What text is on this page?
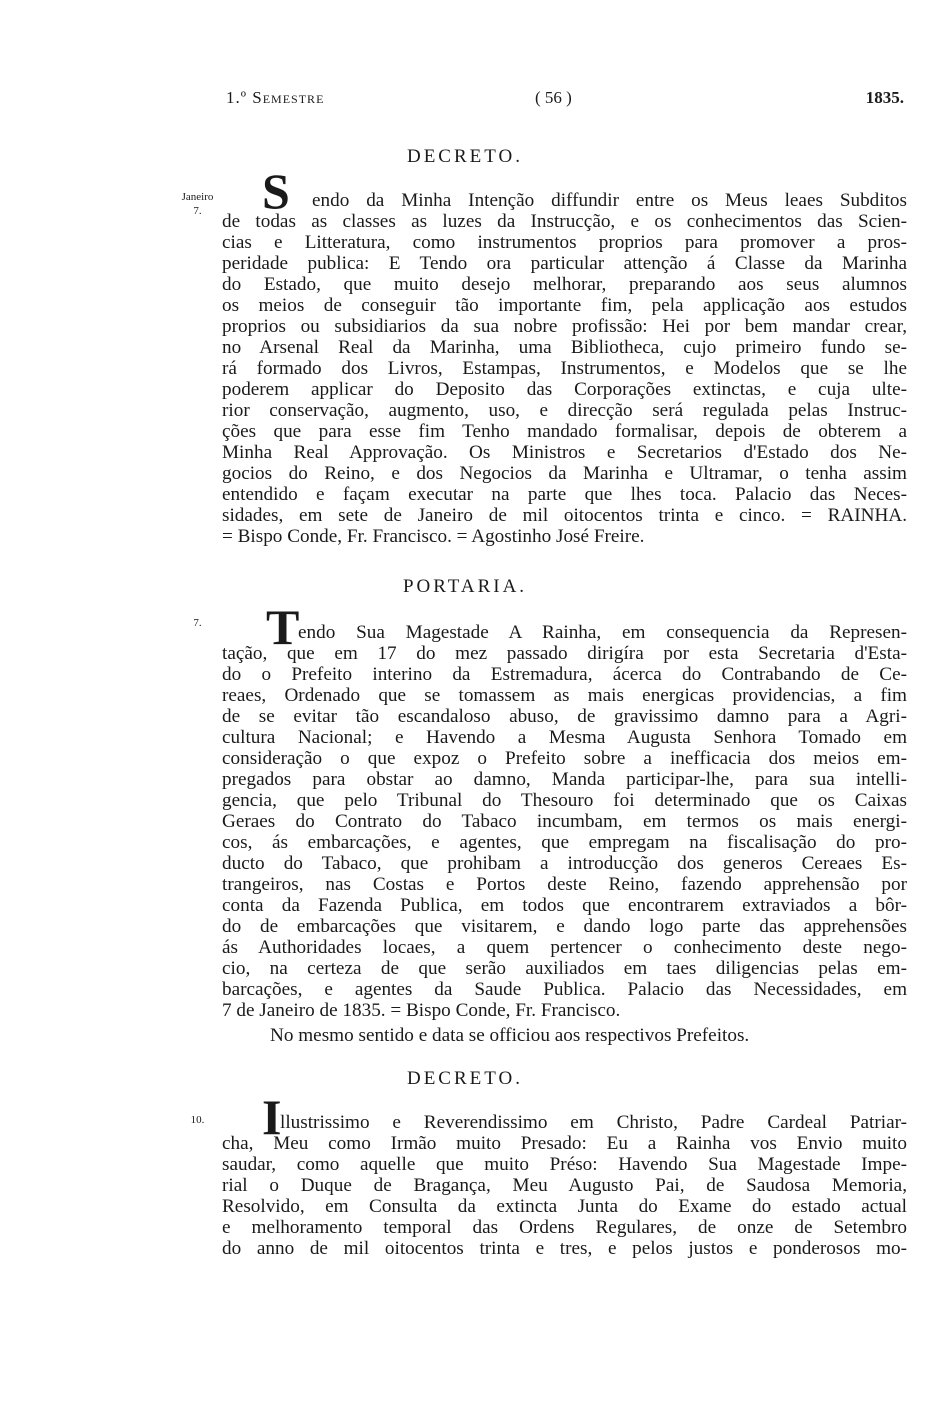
1.º Semestre	( 56 )	1835.
DECRETO.
Janeiro
7.	S	endo da Minha Intenção diffundir entre os Meus leaes Subditos
de todas as classes as luzes da Instrucção, e os conhecimentos das Scien-
cias e Litteratura, como instrumentos proprios para promover a pros-
peridade publica: E Tendo ora particular attenção á Classe da Marinha
do Estado, que muito desejo melhorar, preparando aos seus alumnos
os meios de conseguir tão importante fim, pela applicação aos estudos
proprios ou subsidiarios da sua nobre profissão: Hei por bem mandar crear,
no Arsenal Real da Marinha, uma Bibliotheca, cujo primeiro fundo se-
rá formado dos Livros, Estampas, Instrumentos, e Modelos que se lhe
poderem applicar do Deposito das Corporações extinctas, e cuja ulte-
rior conservação, augmento, uso, e direcção será regulada pelas Instruc-
ções que para esse fim Tenho mandado formalisar, depois de obterem a
Minha Real Approvação. Os Ministros e Secretarios d'Estado dos Ne-
gocios do Reino, e dos Negocios da Marinha e Ultramar, o tenha assim
entendido e façam executar na parte que lhes toca. Palacio das Neces-
sidades, em sete de Janeiro de mil oitocentos trinta e cinco. = RAINHA.
= Bispo Conde, Fr. Francisco. = Agostinho José Freire.
PORTARIA.
7.	T
endo Sua Magestade A Rainha, em consequencia da Represen-
tação, que em 17 do mez passado dirigíra por esta Secretaria d'Esta-
do o Prefeito interino da Estremadura, ácerca do Contrabando de Ce-
reaes, Ordenado que se tomassem as mais energicas providencias, a fim
de se evitar tão escandaloso abuso, de gravissimo damno para a Agri-
cultura Nacional; e Havendo a Mesma Augusta Senhora Tomado em
consideração o que expoz o Prefeito sobre a inefficacia dos meios em-
pregados para obstar ao damno, Manda participar-lhe, para sua intelli-
gencia, que pelo Tribunal do Thesouro foi determinado que os Caixas
Geraes do Contrato do Tabaco incumbam, em termos os mais energi-
cos, ás embarcações, e agentes, que empregam na fiscalisação do pro-
ducto do Tabaco, que prohibam a introducção dos generos Cereaes Es-
trangeiros, nas Costas e Portos deste Reino, fazendo apprehensão por
conta da Fazenda Publica, em todos que encontrarem extraviados a bôr-
do de embarcações que visitarem, e dando logo parte das apprehensões
ás Authoridades locaes, a quem pertencer o conhecimento deste nego-
cio, na certeza de que serão auxiliados em taes diligencias pelas em-
barcações, e agentes da Saude Publica. Palacio das Necessidades, em
7 de Janeiro de 1835. = Bispo Conde, Fr. Francisco.
No mesmo sentido e data se officiou aos respectivos Prefeitos.
DECRETO.
10.	I
llustrissimo e Reverendissimo em Christo, Padre Cardeal Patriar-
cha, Meu como Irmão muito Presado: Eu a Rainha vos Envio muito
saudar, como aquelle que muito Préso: Havendo Sua Magestade Impe-
rial o Duque de Bragança, Meu Augusto Pai, de Saudosa Memoria,
Resolvido, em Consulta da extincta Junta do Exame do estado actual
e melhoramento temporal das Ordens Regulares, de onze de Setembro
do anno de mil oitocentos trinta e tres, e pelos justos e ponderosos mo-
